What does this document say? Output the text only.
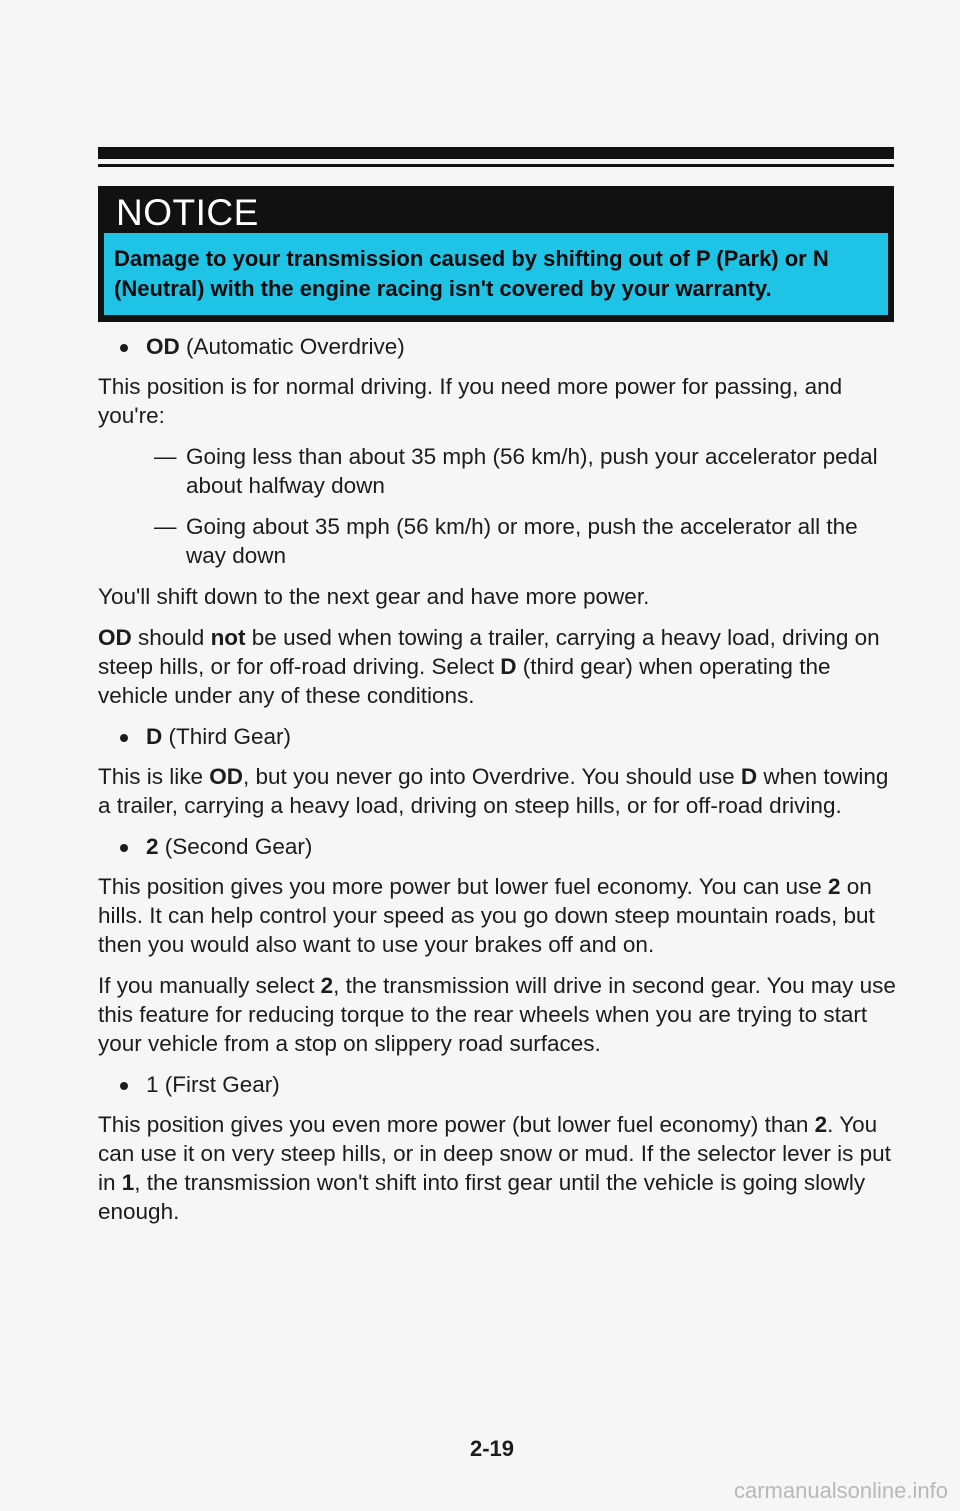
NOTICE
Damage to your transmission caused by shifting out of P (Park) or N (Neutral) with the engine racing isn't covered by your warranty.

OD (Automatic Overdrive)

This position is for normal driving. If you need more power for passing, and you're:

— Going less than about 35 mph (56 km/h), push your accelerator pedal about halfway down

— Going about 35 mph (56 km/h) or more, push the accelerator all the way down

You'll shift down to the next gear and have more power.

OD should not be used when towing a trailer, carrying a heavy load, driving on steep hills, or for off-road driving. Select D (third gear) when operating the vehicle under any of these conditions.

D (Third Gear)

This is like OD, but you never go into Overdrive. You should use D when towing a trailer, carrying a heavy load, driving on steep hills, or for off-road driving.

2 (Second Gear)

This position gives you more power but lower fuel economy. You can use 2 on hills. It can help control your speed as you go down steep mountain roads, but then you would also want to use your brakes off and on.

If you manually select 2, the transmission will drive in second gear. You may use this feature for reducing torque to the rear wheels when you are trying to start your vehicle from a stop on slippery road surfaces.

1 (First Gear)

This position gives you even more power (but lower fuel economy) than 2. You can use it on very steep hills, or in deep snow or mud. If the selector lever is put in 1, the transmission won't shift into first gear until the vehicle is going slowly enough.

2-19
carmanualsonline.info
